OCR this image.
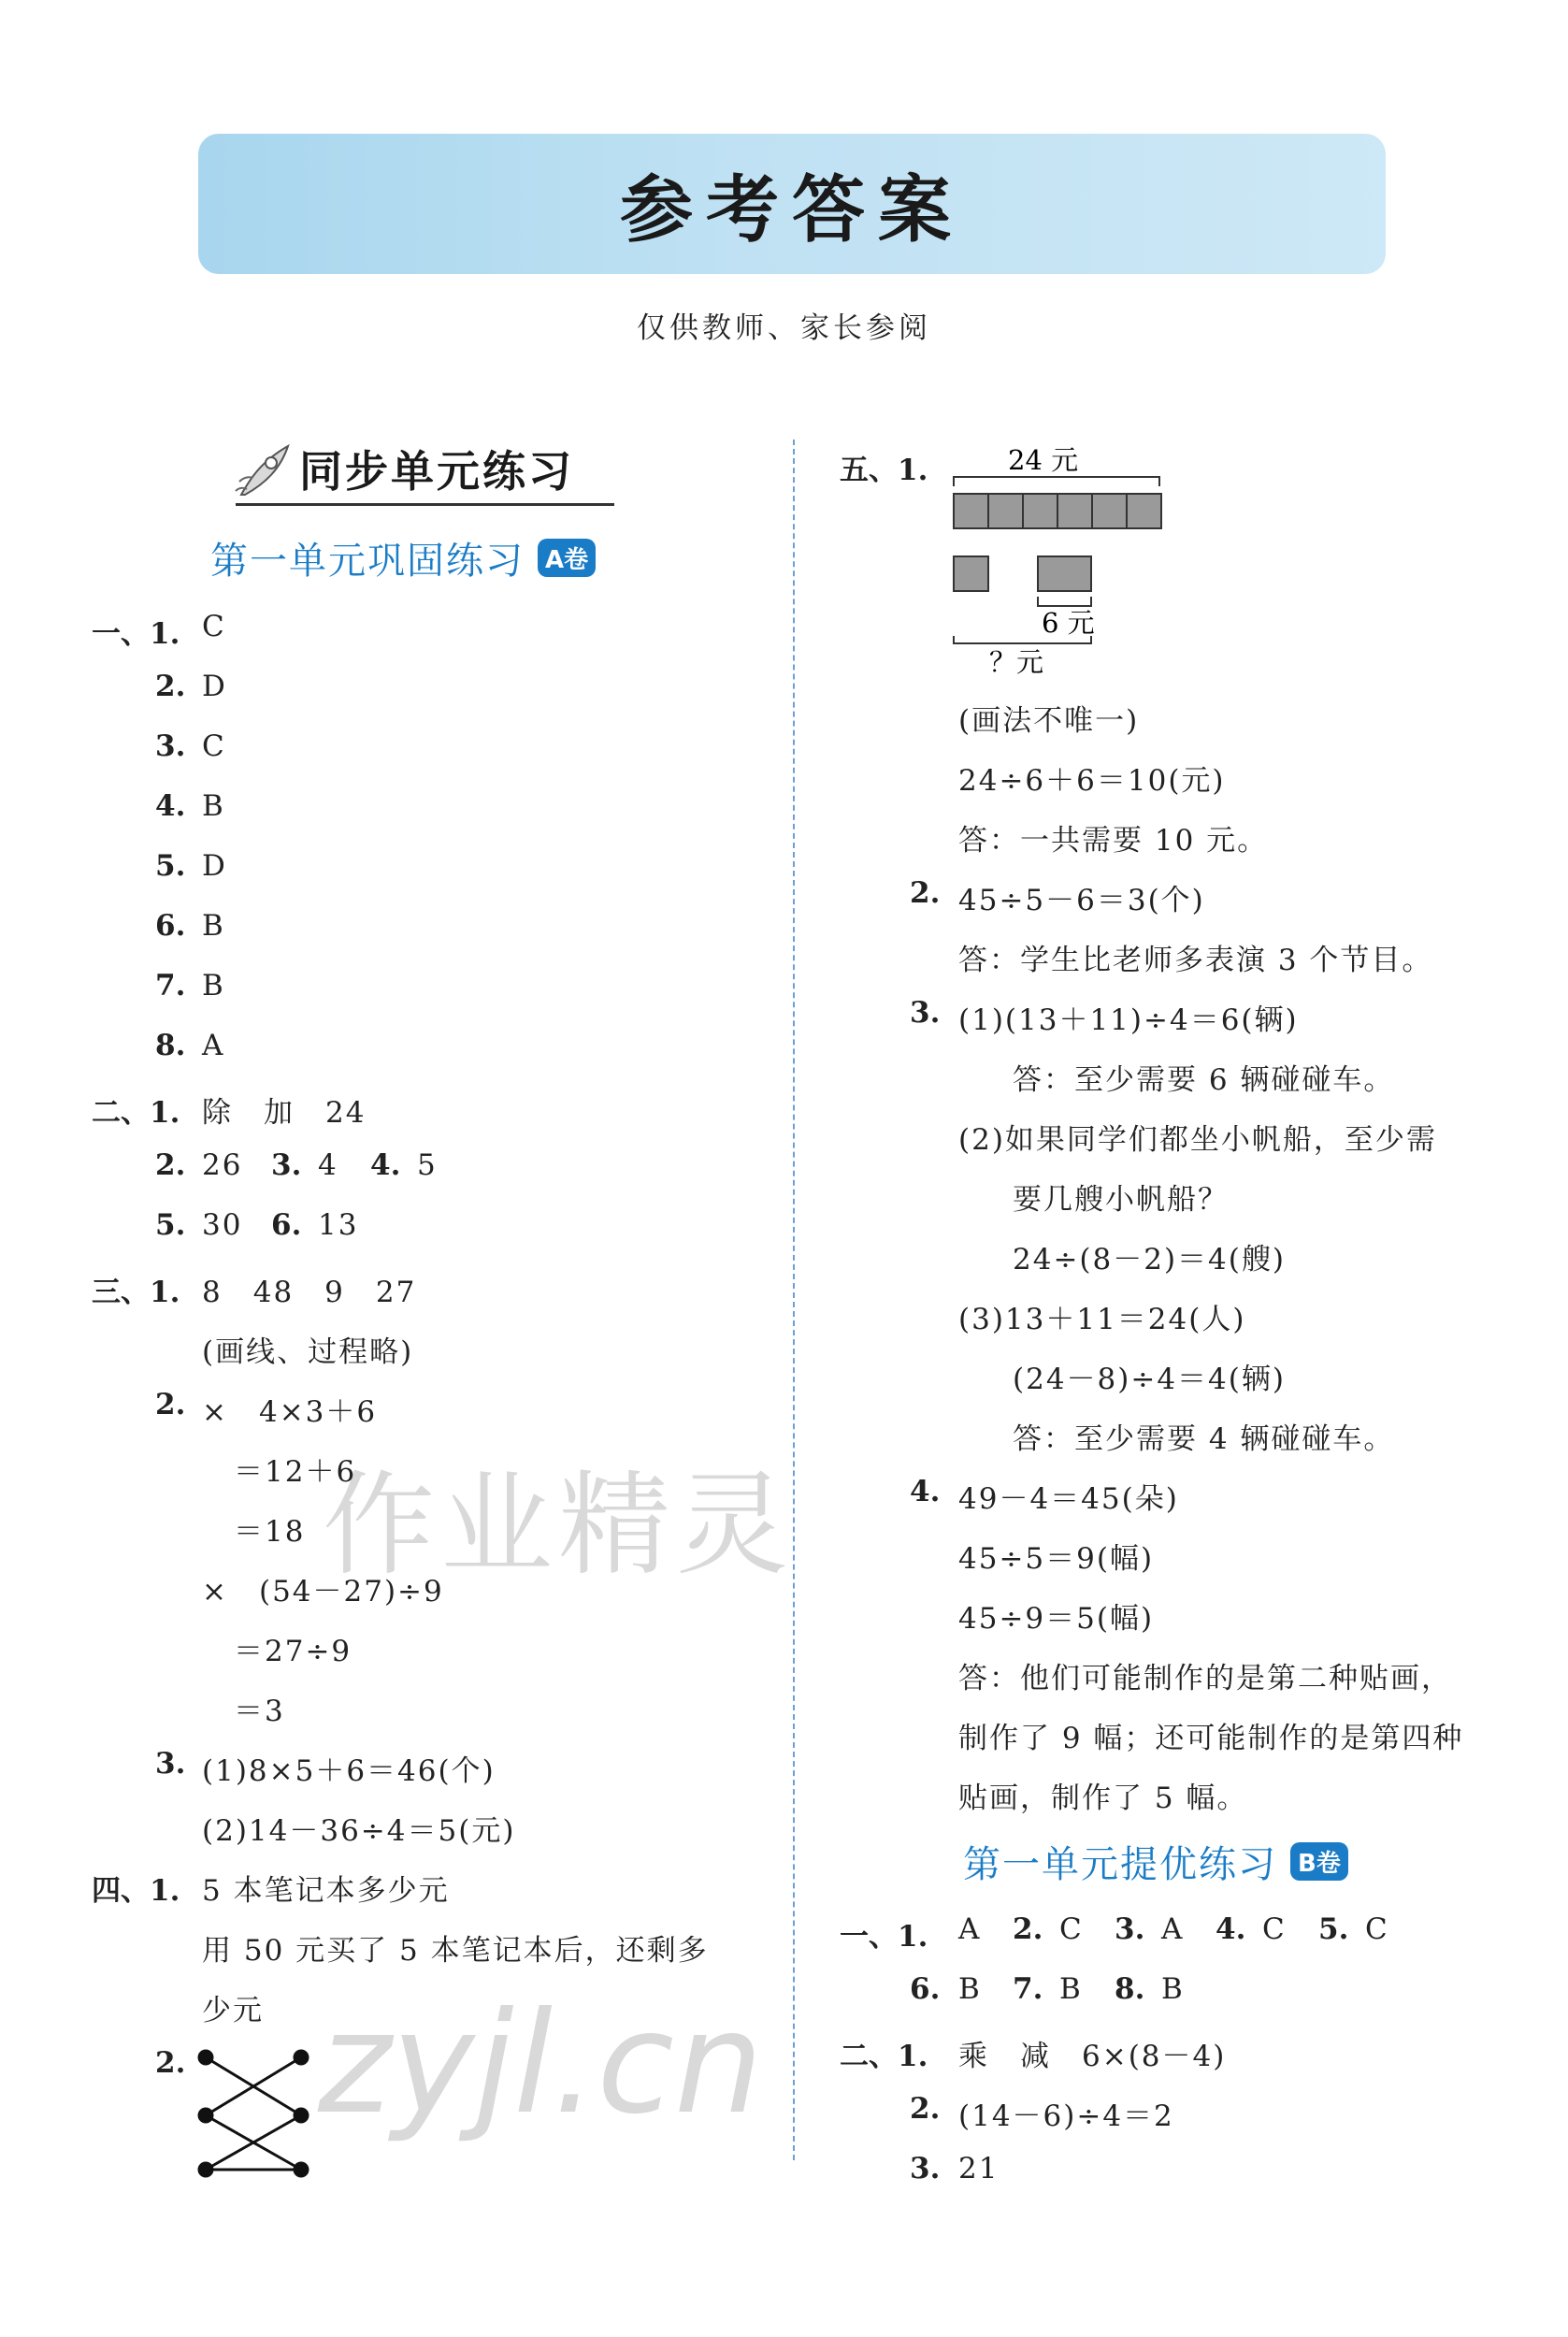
参考答案
仅供教师、家长参阅
同步单元练习
第一单元巩固练习 A卷
一、1. C
2. D
3. C
4. B
5. D
6. B
7. B
8. A
二、1. 除　加　24
2. 26 3. 4 4. 5
5. 30 6. 13
三、1. 8　48　9　27
(画线、过程略)
2. ×　4×3＋6
＝12＋6
＝18
×　(54－27)÷9
＝27÷9
＝3
3. (1)8×5＋6＝46(个)
(2)14－36÷4＝5(元)
四、1. 5 本笔记本多少元
用 50 元买了 5 本笔记本后，还剩多
少元
2.
五、1.	24 元
6 元
？元
(画法不唯一)
24÷6＋6＝10(元)
答：一共需要 10 元。
2. 45÷5－6＝3(个)
答：学生比老师多表演 3 个节目。
3. (1)(13＋11)÷4＝6(辆)
答：至少需要 6 辆碰碰车。
(2)如果同学们都坐小帆船，至少需
要几艘小帆船？
24÷(8－2)＝4(艘)
(3)13＋11＝24(人)
(24－8)÷4＝4(辆)
答：至少需要 4 辆碰碰车。
4. 49－4＝45(朵)
45÷5＝9(幅)
45÷9＝5(幅)
答：他们可能制作的是第二种贴画，
制作了 9 幅；还可能制作的是第四种
贴画，制作了 5 幅。
第一单元提优练习 B卷
一、1. A 2. C 3. A 4. C 5. C
6. B 7. B 8. B
二、1. 乘　减　6×(8－4)
2. (14－6)÷4＝2
3. 21
作业精灵
zyjl.cn
